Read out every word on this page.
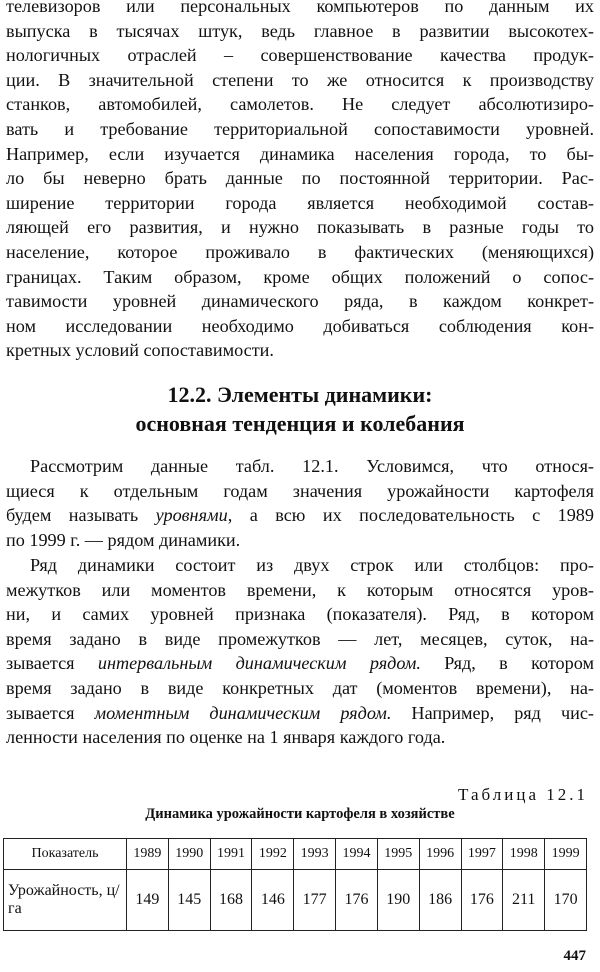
телевизоров или персональных компьютеров по данным их
выпуска в тысячах штук, ведь главное в развитии высокотех-
нологичных отраслей – совершенствование качества продук-
ции. В значительной степени то же относится к производству
станков, автомобилей, самолетов. Не следует абсолютизиро-
вать и требование территориальной сопоставимости уровней.
Например, если изучается динамика населения города, то бы-
ло бы неверно брать данные по постоянной территории. Рас-
ширение территории города является необходимой состав-
ляющей его развития, и нужно показывать в разные годы то
население, которое проживало в фактических (меняющихся)
границах. Таким образом, кроме общих положений о сопос-
тавимости уровней динамического ряда, в каждом конкрет-
ном исследовании необходимо добиваться соблюдения кон-
кретных условий сопоставимости.

12.2. Элементы динамики:
основная тенденция и колебания

Рассмотрим данные табл. 12.1. Условимся, что относя-
щиеся к отдельным годам значения урожайности картофеля
будем называть уровнями, а всю их последовательность с 1989
по 1999 г. — рядом динамики.

Ряд динамики состоит из двух строк или столбцов: про-
межутков или моментов времени, к которым относятся уров-
ни, и самих уровней признака (показателя). Ряд, в котором
время задано в виде промежутков — лет, месяцев, суток, на-
зывается интервальным динамическим рядом. Ряд, в котором
время задано в виде конкретных дат (моментов времени), на-
зывается моментным динамическим рядом. Например, ряд чис-
ленности населения по оценке на 1 января каждого года.

Таблица 12.1
Динамика урожайности картофеля в хозяйстве
Показатель	1989	1990	1991	1992	1993	1994	1995	1996	1997	1998	1999
Урожайность, ц/га	149	145	168	146	177	176	190	186	176	211	170
447
